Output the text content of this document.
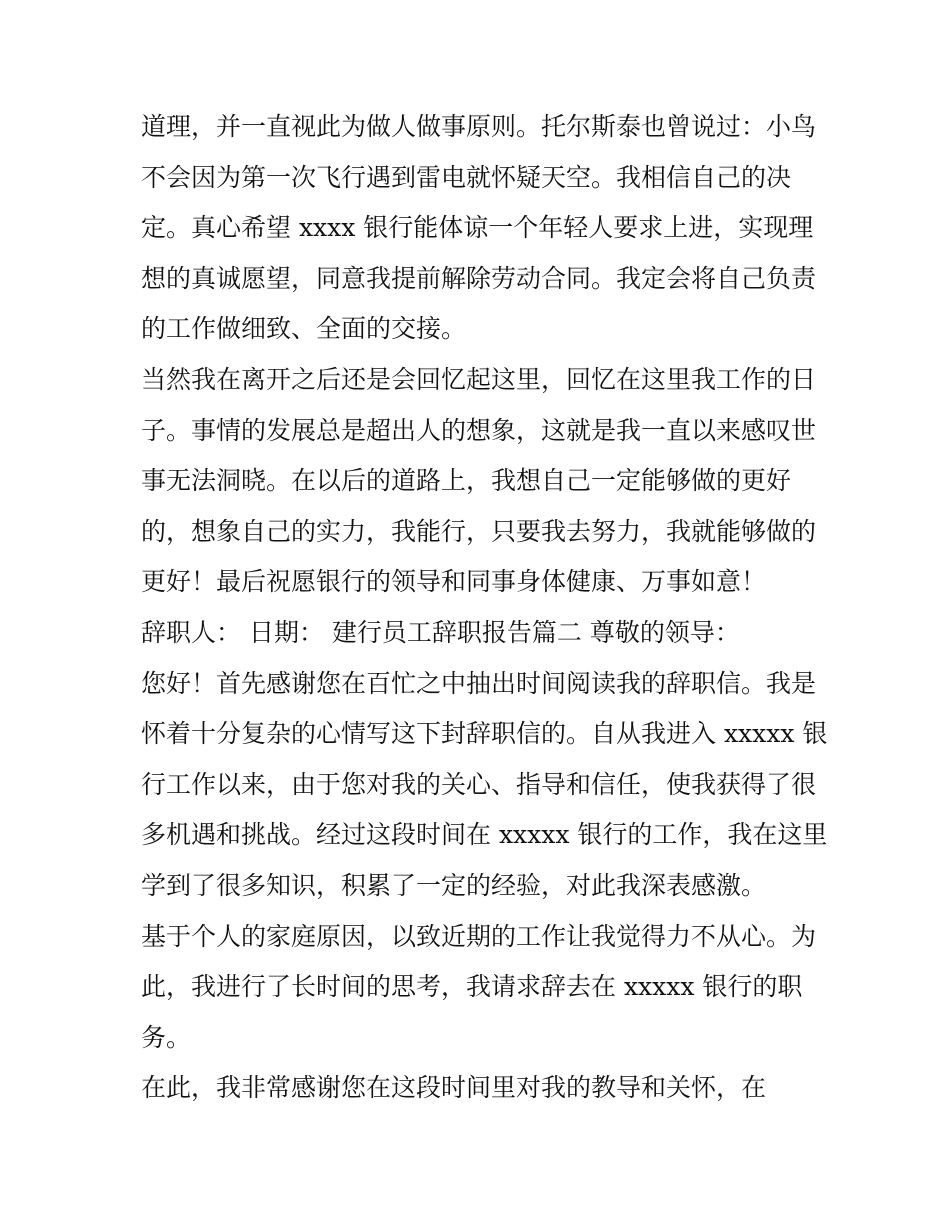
道理，并一直视此为做人做事原则。托尔斯泰也曾说过：小鸟
不会因为第一次飞行遇到雷电就怀疑天空。我相信自己的决
定。真心希望 xxxx 银行能体谅一个年轻人要求上进，实现理
想的真诚愿望，同意我提前解除劳动合同。我定会将自己负责
的工作做细致、全面的交接。
当然我在离开之后还是会回忆起这里，回忆在这里我工作的日
子。事情的发展总是超出人的想象，这就是我一直以来感叹世
事无法洞晓。在以后的道路上，我想自己一定能够做的更好
的，想象自己的实力，我能行，只要我去努力，我就能够做的
更好！最后祝愿银行的领导和同事身体健康、万事如意！
辞职人： 日期： 建行员工辞职报告篇二 尊敬的领导：
您好！首先感谢您在百忙之中抽出时间阅读我的辞职信。我是
怀着十分复杂的心情写这下封辞职信的。自从我进入 xxxxx 银
行工作以来，由于您对我的关心、指导和信任，使我获得了很
多机遇和挑战。经过这段时间在 xxxxx 银行的工作，我在这里
学到了很多知识，积累了一定的经验，对此我深表感激。
基于个人的家庭原因，以致近期的工作让我觉得力不从心。为
此，我进行了长时间的思考，我请求辞去在 xxxxx 银行的职
务。
在此，我非常感谢您在这段时间里对我的教导和关怀，在
